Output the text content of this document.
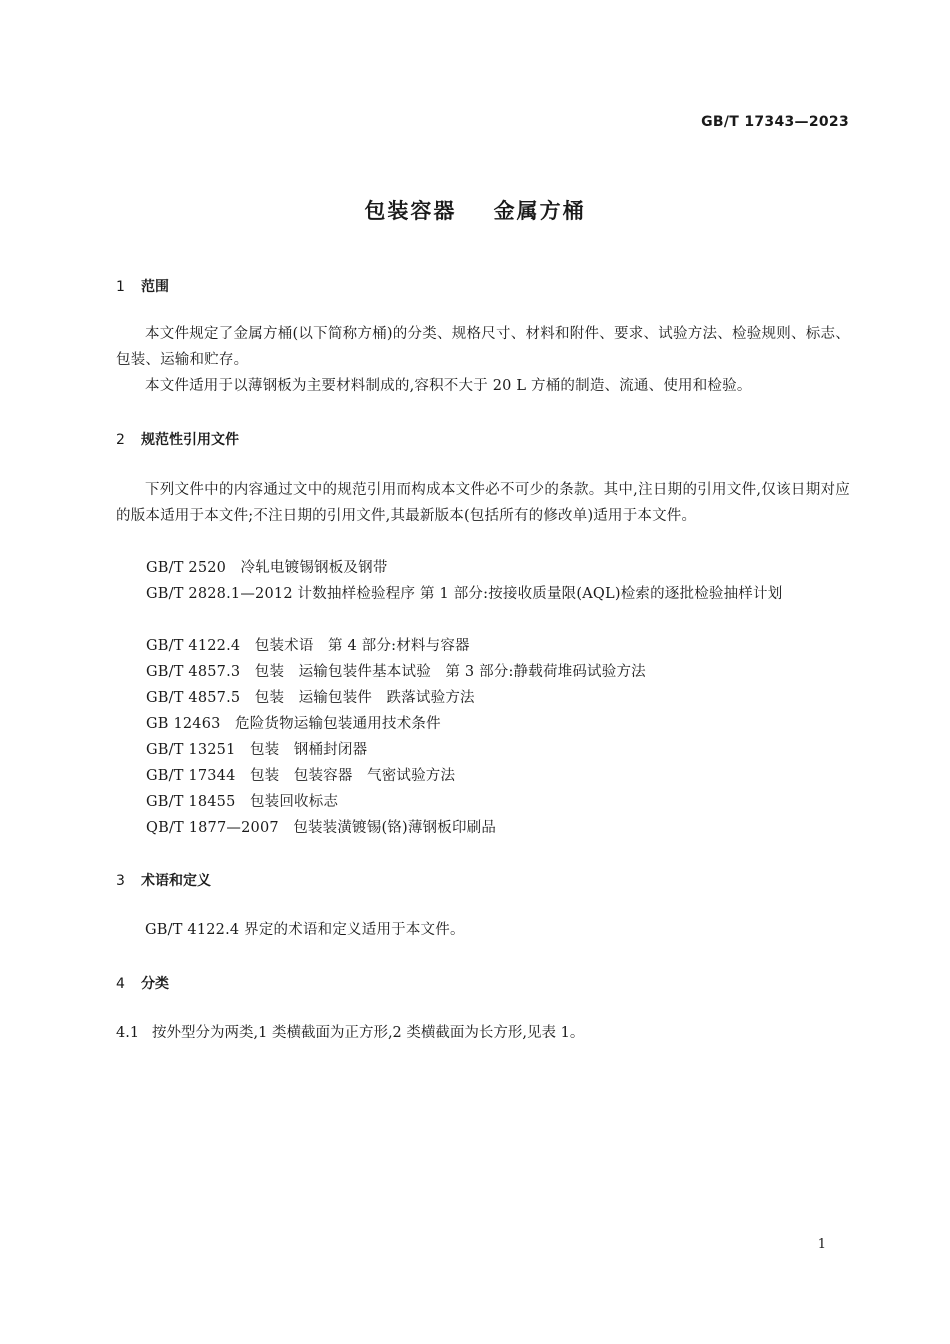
GB/T 17343—2023
包装容器    金属方桶
1 范围
本文件规定了金属方桶(以下简称方桶)的分类、规格尺寸、材料和附件、要求、试验方法、检验规则、标志、包装、运输和贮存。
本文件适用于以薄钢板为主要材料制成的,容积不大于 20 L 方桶的制造、流通、使用和检验。
2 规范性引用文件
下列文件中的内容通过文中的规范引用而构成本文件必不可少的条款。其中,注日期的引用文件,仅该日期对应的版本适用于本文件;不注日期的引用文件,其最新版本(包括所有的修改单)适用于本文件。
GB/T 2520   冷轧电镀锡钢板及钢带
GB/T 2828.1—2012 计数抽样检验程序 第 1 部分:按接收质量限(AQL)检索的逐批检验抽样计划
GB/T 4122.4   包装术语   第 4 部分:材料与容器
GB/T 4857.3   包装   运输包装件基本试验   第 3 部分:静载荷堆码试验方法
GB/T 4857.5   包装   运输包装件   跌落试验方法
GB 12463   危险货物运输包装通用技术条件
GB/T 13251   包装   钢桶封闭器
GB/T 17344   包装   包装容器   气密试验方法
GB/T 18455   包装回收标志
QB/T 1877—2007   包装装潢镀锡(铬)薄钢板印刷品
3 术语和定义
GB/T 4122.4 界定的术语和定义适用于本文件。
4 分类
4.1 按外型分为两类,1 类横截面为正方形,2 类横截面为长方形,见表 1。
1
